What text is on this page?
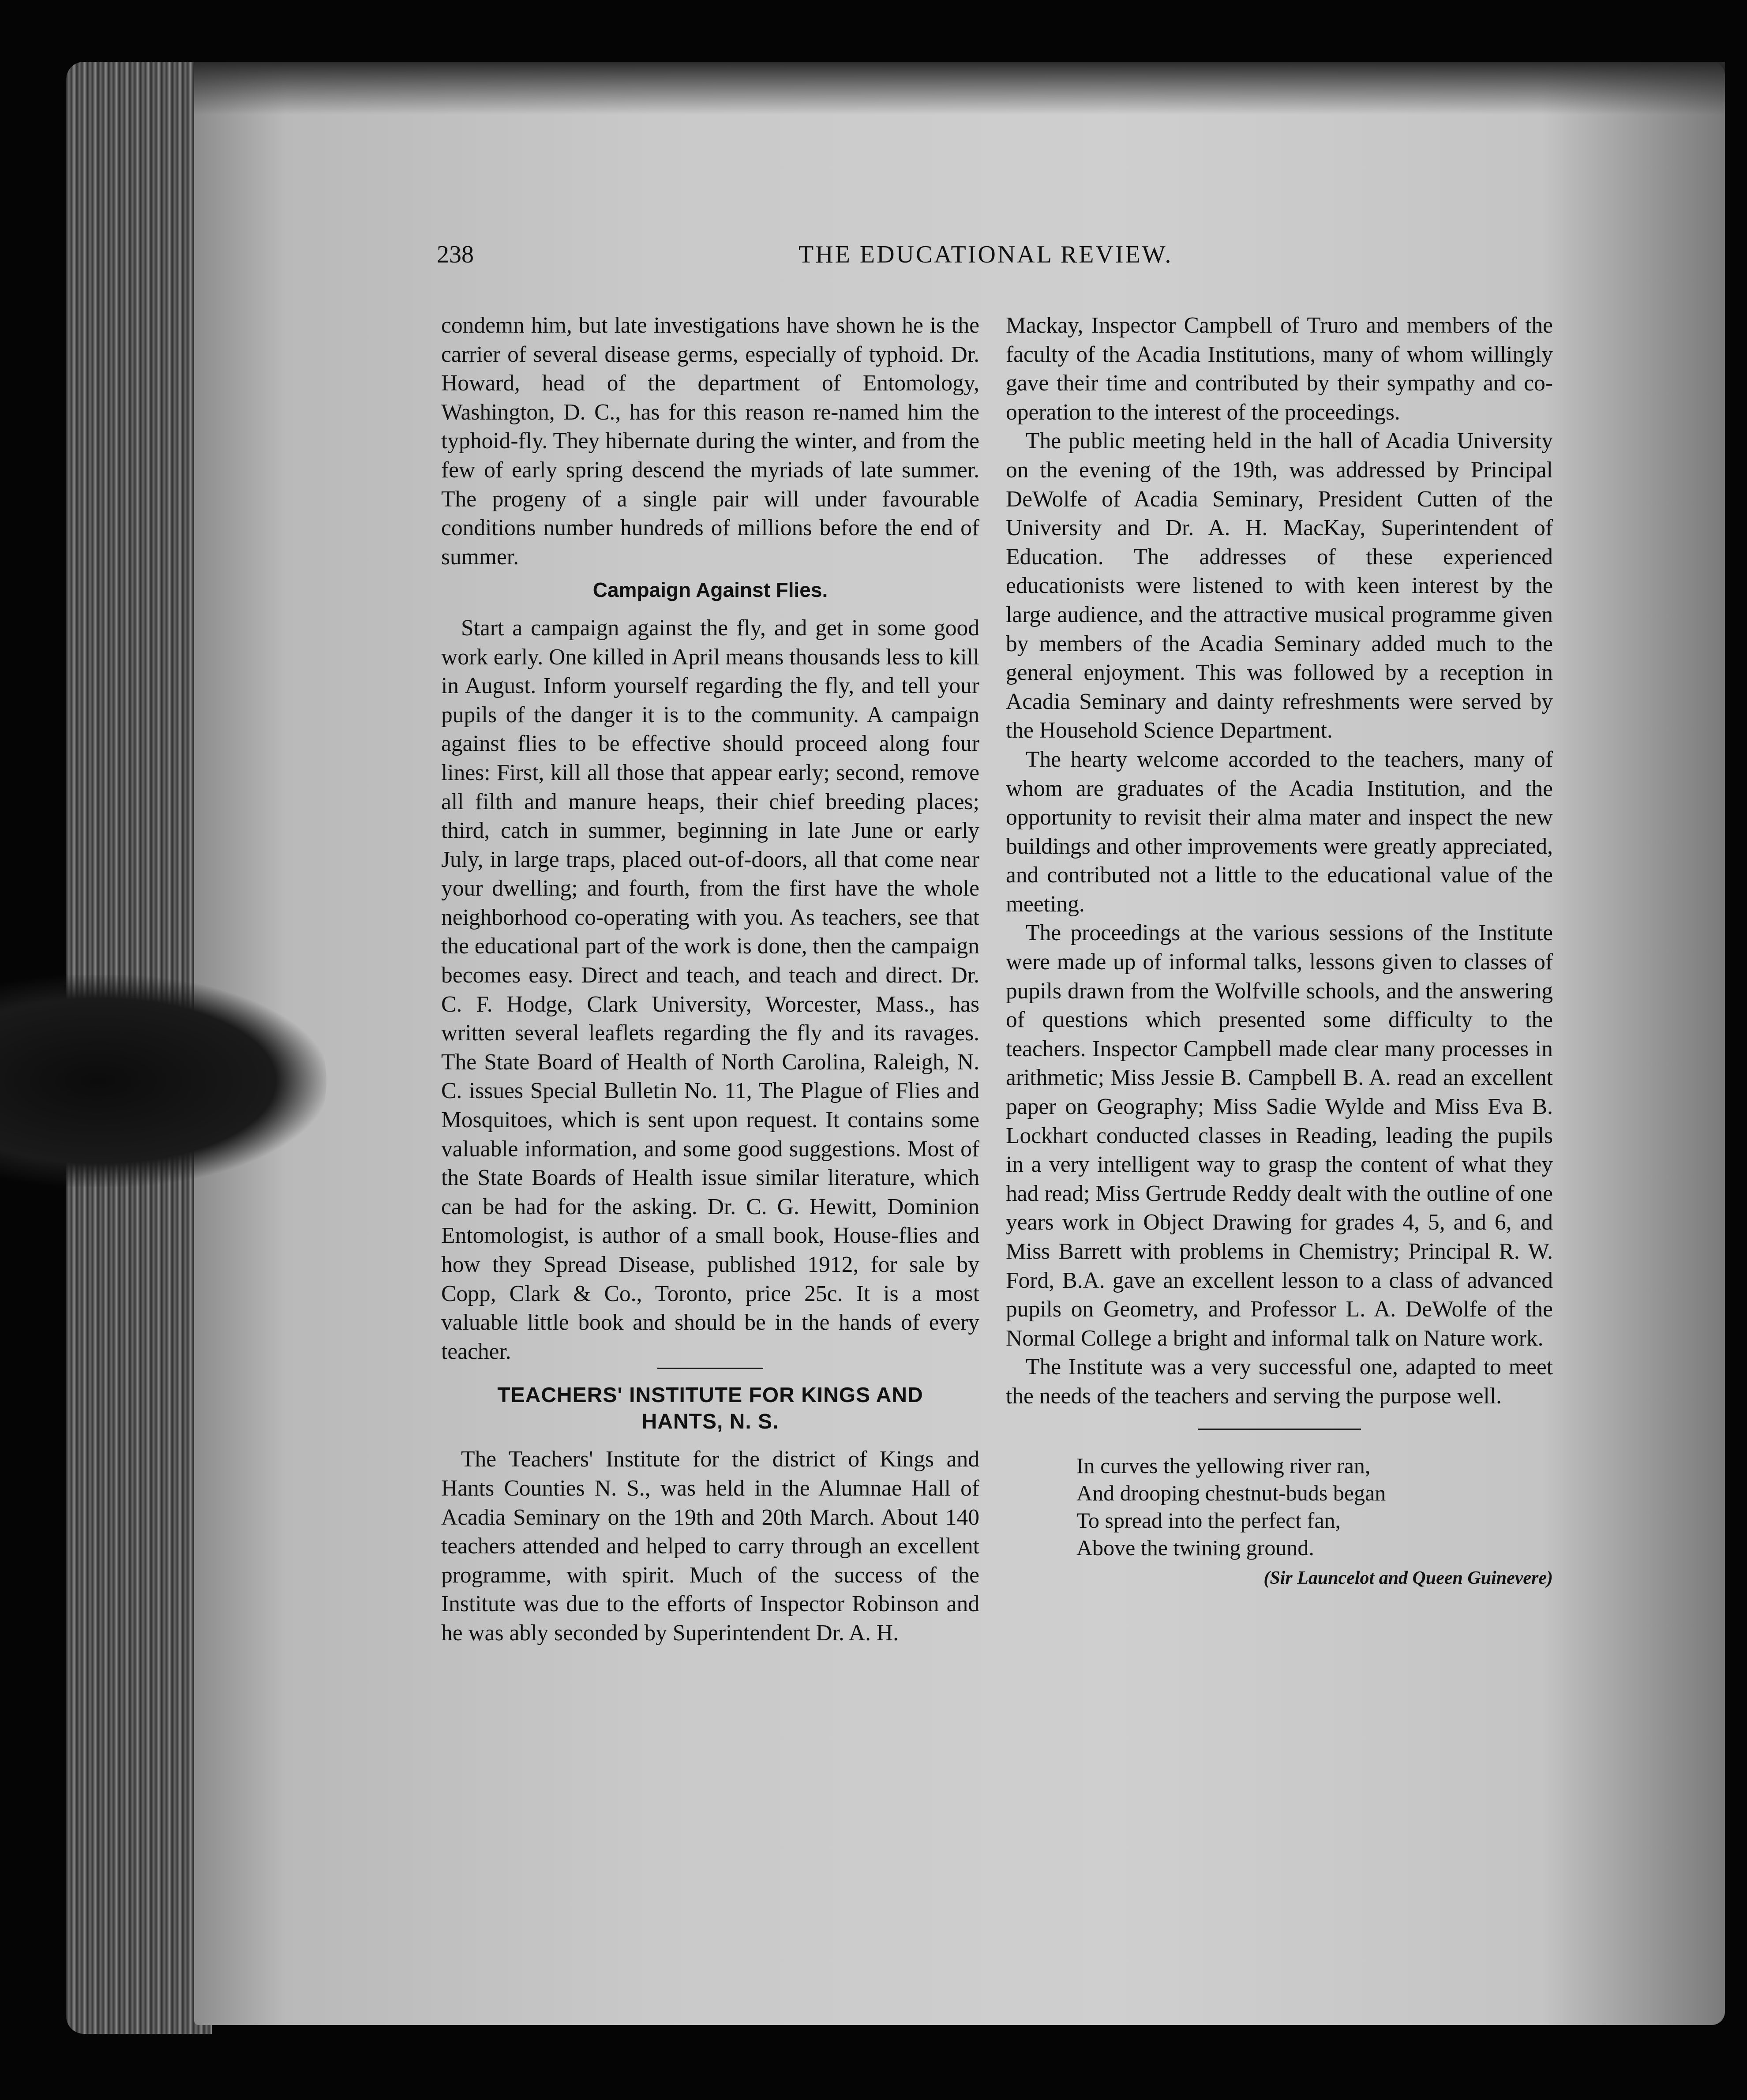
238	THE EDUCATIONAL REVIEW.

condemn him, but late investigations have shown he is the carrier of several disease germs, especially of typhoid. Dr. Howard, head of the department of Entomology, Washington, D. C., has for this reason re-named him the typhoid-fly. They hibernate during the winter, and from the few of early spring descend the myriads of late summer. The progeny of a single pair will under favourable conditions number hundreds of millions before the end of summer.

Campaign Against Flies.

Start a campaign against the fly, and get in some good work early. One killed in April means thousands less to kill in August. Inform yourself regarding the fly, and tell your pupils of the danger it is to the community. A campaign against flies to be effective should proceed along four lines: First, kill all those that appear early; second, remove all filth and manure heaps, their chief breeding places; third, catch in summer, beginning in late June or early July, in large traps, placed out-of-doors, all that come near your dwelling; and fourth, from the first have the whole neighborhood co-operating with you. As teachers, see that the educational part of the work is done, then the campaign becomes easy. Direct and teach, and teach and direct. Dr. C. F. Hodge, Clark University, Worcester, Mass., has written several leaflets regarding the fly and its ravages. The State Board of Health of North Carolina, Raleigh, N. C. issues Special Bulletin No. 11, The Plague of Flies and Mosquitoes, which is sent upon request. It contains some valuable information, and some good suggestions. Most of the State Boards of Health issue similar literature, which can be had for the asking. Dr. C. G. Hewitt, Dominion Entomologist, is author of a small book, House-flies and how they Spread Disease, published 1912, for sale by Copp, Clark & Co., Toronto, price 25c. It is a most valuable little book and should be in the hands of every teacher.

TEACHERS' INSTITUTE FOR KINGS AND
HANTS, N. S.

The Teachers' Institute for the district of Kings and Hants Counties N. S., was held in the Alumnae Hall of Acadia Seminary on the 19th and 20th March. About 140 teachers attended and helped to carry through an excellent programme, with spirit. Much of the success of the Institute was due to the efforts of Inspector Robinson and he was ably seconded by Superintendent Dr. A. H.

Mackay, Inspector Campbell of Truro and members of the faculty of the Acadia Institutions, many of whom willingly gave their time and contributed by their sympathy and co-operation to the interest of the proceedings.

The public meeting held in the hall of Acadia University on the evening of the 19th, was addressed by Principal DeWolfe of Acadia Seminary, President Cutten of the University and Dr. A. H. MacKay, Superintendent of Education. The addresses of these experienced educationists were listened to with keen interest by the large audience, and the attractive musical programme given by members of the Acadia Seminary added much to the general enjoyment. This was followed by a reception in Acadia Seminary and dainty refreshments were served by the Household Science Department.

The hearty welcome accorded to the teachers, many of whom are graduates of the Acadia Institution, and the opportunity to revisit their alma mater and inspect the new buildings and other improvements were greatly appreciated, and contributed not a little to the educational value of the meeting.

The proceedings at the various sessions of the Institute were made up of informal talks, lessons given to classes of pupils drawn from the Wolfville schools, and the answering of questions which presented some difficulty to the teachers. Inspector Campbell made clear many processes in arithmetic; Miss Jessie B. Campbell B. A. read an excellent paper on Geography; Miss Sadie Wylde and Miss Eva B. Lockhart conducted classes in Reading, leading the pupils in a very intelligent way to grasp the content of what they had read; Miss Gertrude Reddy dealt with the outline of one years work in Object Drawing for grades 4, 5, and 6, and Miss Barrett with problems in Chemistry; Principal R. W. Ford, B.A. gave an excellent lesson to a class of advanced pupils on Geometry, and Professor L. A. DeWolfe of the Normal College a bright and informal talk on Nature work.

The Institute was a very successful one, adapted to meet the needs of the teachers and serving the purpose well.

In curves the yellowing river ran,
And drooping chestnut-buds began
To spread into the perfect fan,
Above the twining ground.

(Sir Launcelot and Queen Guinevere)
